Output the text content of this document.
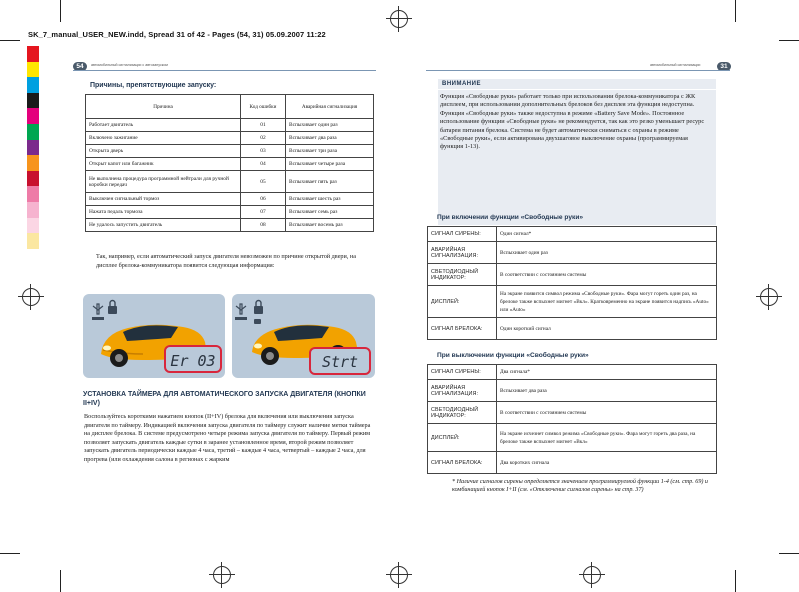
SK_7_manual_USER_NEW.indd, Spread 31 of 42 - Pages (54, 31) 05.09.2007 11:22
54	автомобильный сигнализации с автозапуском
Причины, препятствующие запуску:
Причина	Код ошибки	Аварийная сигнализация
Работает двигатель	01	Вспыхивает один раз
Включено зажигание	02	Вспыхивает два раза
Открыта дверь	03	Вспыхивает три раза
Открыт капот или багажник	04	Вспыхивает четыре раза
Не выполнена процедура программной нейтрали для ручной коробки передач	05	Вспыхивает пять раз
Выключен сигнальный тормоз	06	Вспыхивает шесть раз
Нажата педаль тормоза	07	Вспыхивает семь раз
Не удалось запустить двигатель	08	Вспыхивает восемь раз
Так, например, если автоматический запуск двигателя невозможен по причине открытой двери, на дисплее брелока-коммуникатора появится следующая информация:
Er 03	Strt
УСТАНОВКА ТАЙМЕРА ДЛЯ АВТОМАТИЧЕСКОГО ЗАПУСКА ДВИГАТЕЛЯ (КНОПКИ II+IV)
Воспользуйтесь короткими нажатием кнопок (II+IV) брелока для включения или выключения запуска двигателя по таймеру. Индикацией включения запуска двигателя по таймеру служит наличие метки таймера на дисплее брелока. В системе предусмотрено четыре режима запуска двигателя по таймеру. Первый режим позволяет запускать двигатель каждые сутки в заранее установленное время, второй режим позволяет запускать двигатель периодически каждые 4 часа, третий – каждые 4 часа, четвертый – каждые 2 часа, для прогрева (или охлаждения салона в регионах с жарким
автомобильный сигнализации	31
ВНИМАНИЕ
Функция «Свободные руки» работает только при использовании брелока-коммуникатора с ЖК дисплеем, при использовании дополнительных брелоков без дисплея эта функция недоступна. Функция «Свободные руки» также недоступна в режиме «Battery Save Mode». Постоянное использование функции «Свободные руки» не рекомендуется, так как это резко уменьшает ресурс батареи питания брелока. Система не будет автоматически сниматься с охраны в режиме «Свободные руки», если активирована двухшаговое выключение охраны (программируемая функция 1-13).
При включении функции «Свободные руки»
СИГНАЛ СИРЕНЫ:	Один сигнал*
АВАРИЙНАЯ СИГНАЛИЗАЦИЯ:	Вспыхивает один раз
СВЕТОДИОДНЫЙ ИНДИКАТОР:	В соответствии с состоянием системы
ДИСПЛЕЙ:	На экране появится символ режима «Свободные руки». Фара могут гореть один раз, на брелоке также вспыхнет мигнет «Вкл». Кратковременно на экране появится надпись «Auto» или «Auto»
СИГНАЛ БРЕЛОКА:	Один короткий сигнал
При выключении функции «Свободные руки»
СИГНАЛ СИРЕНЫ:	Два сигнала*
АВАРИЙНАЯ СИГНАЛИЗАЦИЯ:	Вспыхивает два раза
СВЕТОДИОДНЫЙ ИНДИКАТОР:	В соответствии с состоянием системы
ДИСПЛЕЙ:	На экране исчезнет символ режима «Свободные руки». Фара могут гореть два раза, на брелоке также вспыхнет мигнет «Вкл»
СИГНАЛ БРЕЛОКА:	Два коротких сигнала
* Наличие сигналов сирены определяется значением программируемой функции 1-4 (см. стр. 69) и комбинацией кнопок I+II (см. «Отключение сигналов сирены» на стр. 37)
